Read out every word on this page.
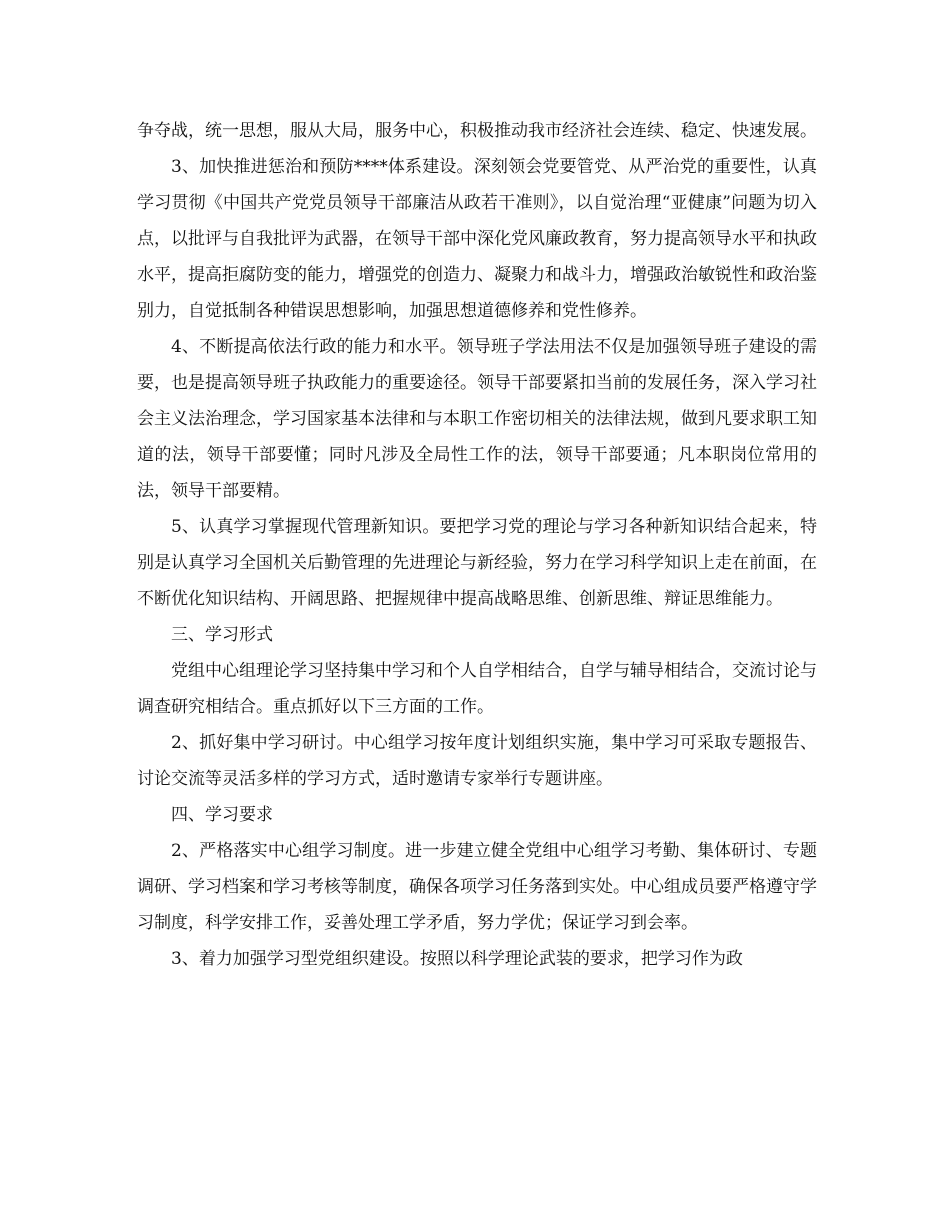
争夺战，统一思想，服从大局，服务中心，积极推动我市经济社会连续、稳定、快速发展。

3、加快推进惩治和预防****体系建设。深刻领会党要管党、从严治党的重要性，认真学习贯彻《中国共产党党员领导干部廉洁从政若干准则》，以自觉治理“亚健康”问题为切入点，以批评与自我批评为武器，在领导干部中深化党风廉政教育，努力提高领导水平和执政水平，提高拒腐防变的能力，增强党的创造力、凝聚力和战斗力，增强政治敏锐性和政治鉴别力，自觉抵制各种错误思想影响，加强思想道德修养和党性修养。

4、不断提高依法行政的能力和水平。领导班子学法用法不仅是加强领导班子建设的需要，也是提高领导班子执政能力的重要途径。领导干部要紧扣当前的发展任务，深入学习社会主义法治理念，学习国家基本法律和与本职工作密切相关的法律法规，做到凡要求职工知道的法，领导干部要懂；同时凡涉及全局性工作的法，领导干部要通；凡本职岗位常用的法，领导干部要精。

5、认真学习掌握现代管理新知识。要把学习党的理论与学习各种新知识结合起来，特别是认真学习全国机关后勤管理的先进理论与新经验，努力在学习科学知识上走在前面，在不断优化知识结构、开阔思路、把握规律中提高战略思维、创新思维、辩证思维能力。

三、学习形式

党组中心组理论学习坚持集中学习和个人自学相结合，自学与辅导相结合，交流讨论与调查研究相结合。重点抓好以下三方面的工作。

2、抓好集中学习研讨。中心组学习按年度计划组织实施，集中学习可采取专题报告、讨论交流等灵活多样的学习方式，适时邀请专家举行专题讲座。

四、学习要求

2、严格落实中心组学习制度。进一步建立健全党组中心组学习考勤、集体研讨、专题调研、学习档案和学习考核等制度，确保各项学习任务落到实处。中心组成员要严格遵守学习制度，科学安排工作，妥善处理工学矛盾，努力学优；保证学习到会率。

3、着力加强学习型党组织建设。按照以科学理论武装的要求，把学习作为政
